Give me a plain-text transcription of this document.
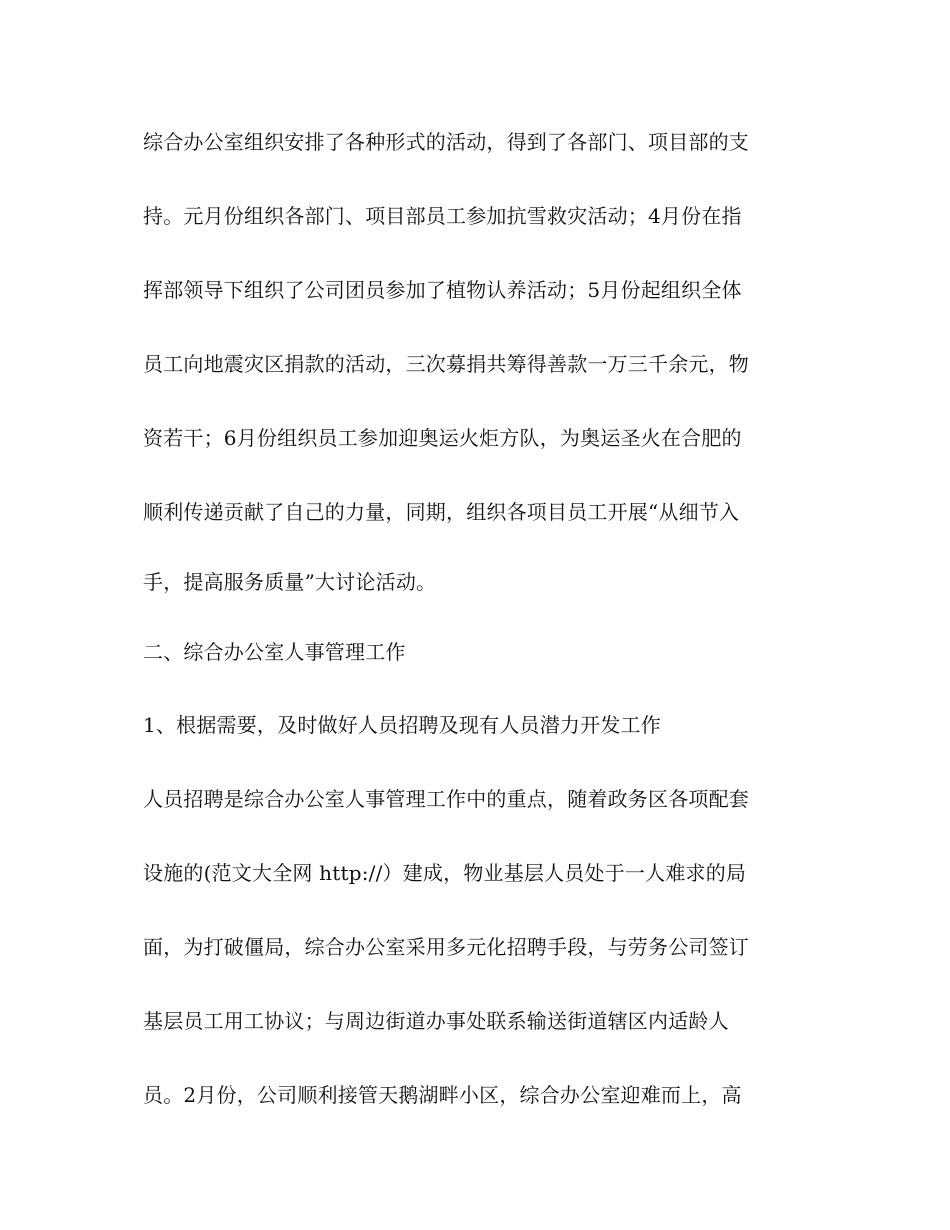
综合办公室组织安排了各种形式的活动，得到了各部门、项目部的支
持。元月份组织各部门、项目部员工参加抗雪救灾活动；4月份在指
挥部领导下组织了公司团员参加了植物认养活动；5月份起组织全体
员工向地震灾区捐款的活动，三次募捐共筹得善款一万三千余元，物
资若干；6月份组织员工参加迎奥运火炬方队，为奥运圣火在合肥的
顺利传递贡献了自己的力量，同期，组织各项目员工开展“从细节入
手，提高服务质量”大讨论活动。
二、综合办公室人事管理工作
1、根据需要，及时做好人员招聘及现有人员潜力开发工作
人员招聘是综合办公室人事管理工作中的重点，随着政务区各项配套
设施的(范文大全网 http://）建成，物业基层人员处于一人难求的局
面，为打破僵局，综合办公室采用多元化招聘手段，与劳务公司签订
基层员工用工协议；与周边街道办事处联系输送街道辖区内适龄人
员。2月份，公司顺利接管天鹅湖畔小区，综合办公室迎难而上，高
